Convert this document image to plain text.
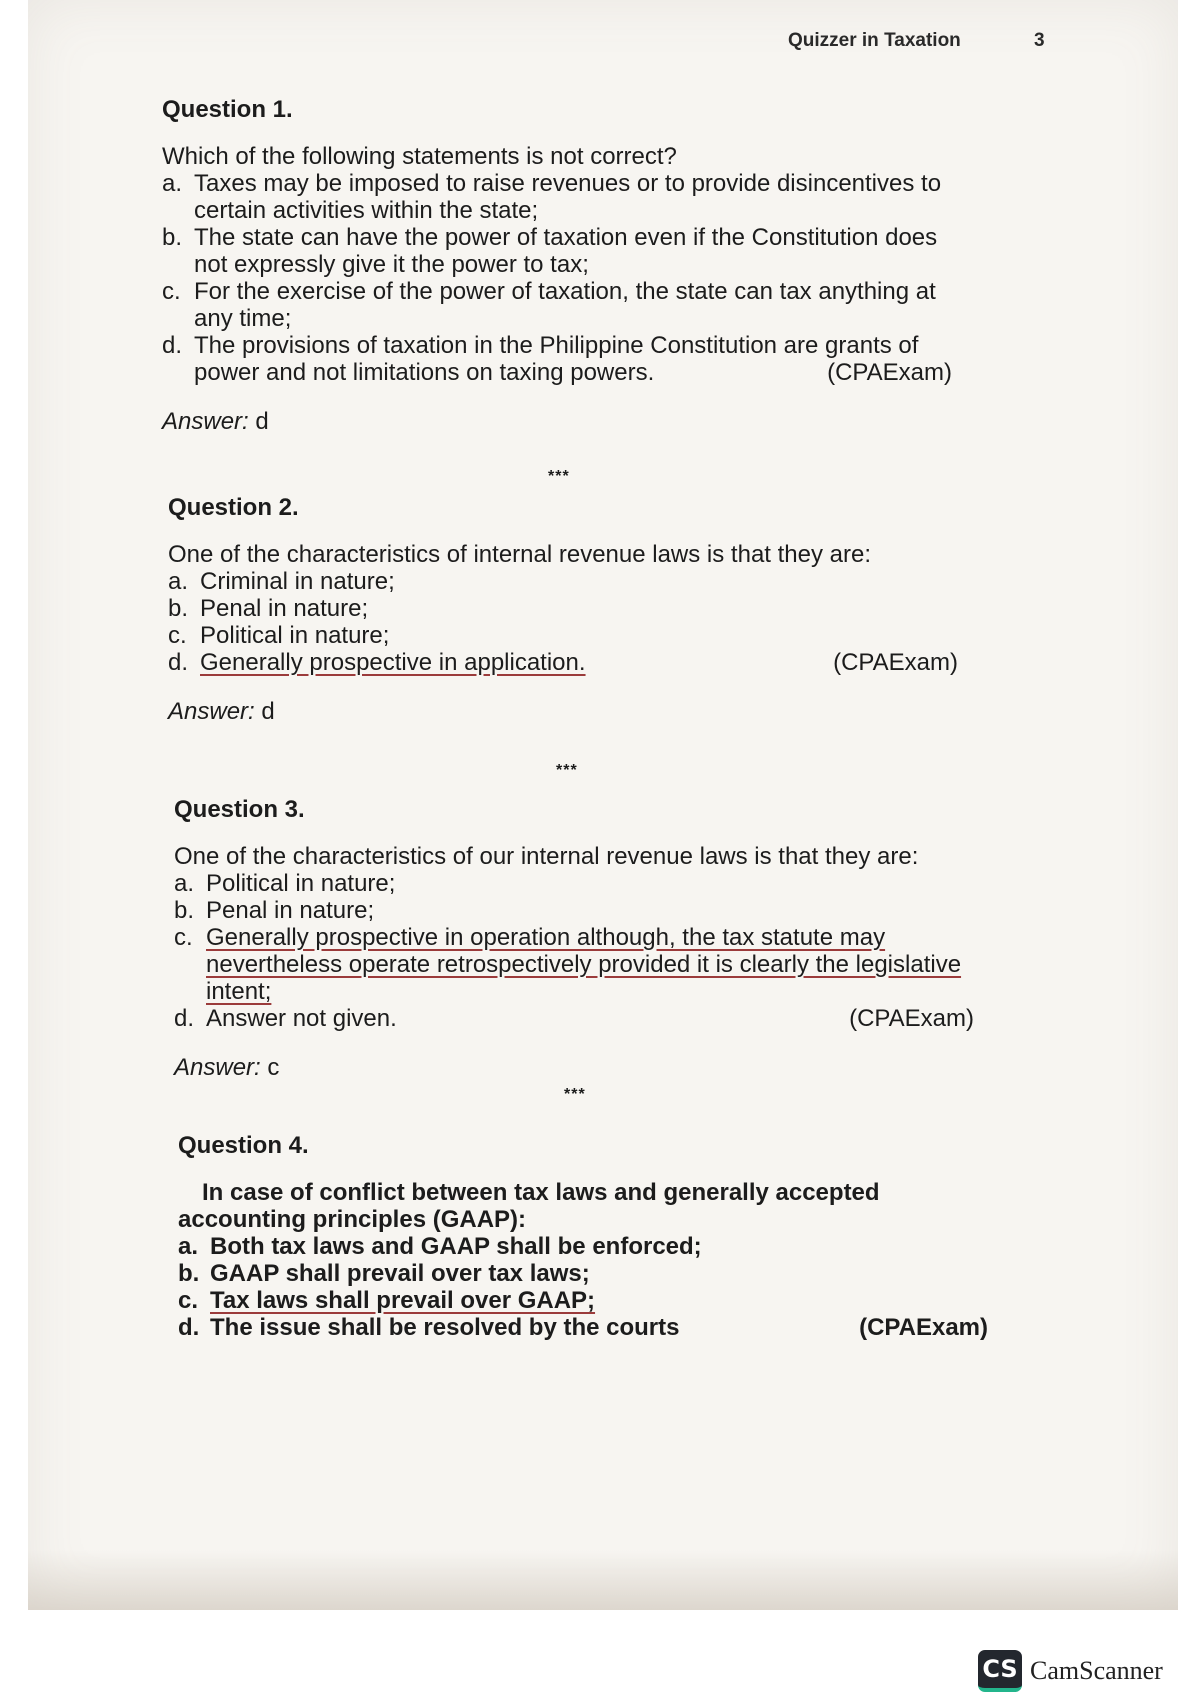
Quizzer in Taxation	3
Question 1.

Which of the following statements is not correct?

a. Taxes may be imposed to raise revenues or to provide disincentives to certain activities within the state;

b. The state can have the power of taxation even if the Constitution does not expressly give it the power to tax;

c. For the exercise of the power of taxation, the state can tax anything at any time;

d. The provisions of taxation in the Philippine Constitution are grants of power and not limitations on taxing powers.	(CPAExam)
Answer: d
***
Question 2.

One of the characteristics of internal revenue laws is that they are:

a. Criminal in nature;

b. Penal in nature;

c. Political in nature;

d. Generally prospective in application.	(CPAExam)
Answer: d
***
Question 3.

One of the characteristics of our internal revenue laws is that they are:

a. Political in nature;

b. Penal in nature;

c. Generally prospective in operation although, the tax statute may nevertheless operate retrospectively provided it is clearly the legislative intent;

d. Answer not given.	(CPAExam)
Answer: c
***
Question 4.

In case of conflict between tax laws and generally accepted accounting principles (GAAP):

a. Both tax laws and GAAP shall be enforced;

b. GAAP shall prevail over tax laws;

c. Tax laws shall prevail over GAAP;

d. The issue shall be resolved by the courts	(CPAExam)
CS CamScanner
